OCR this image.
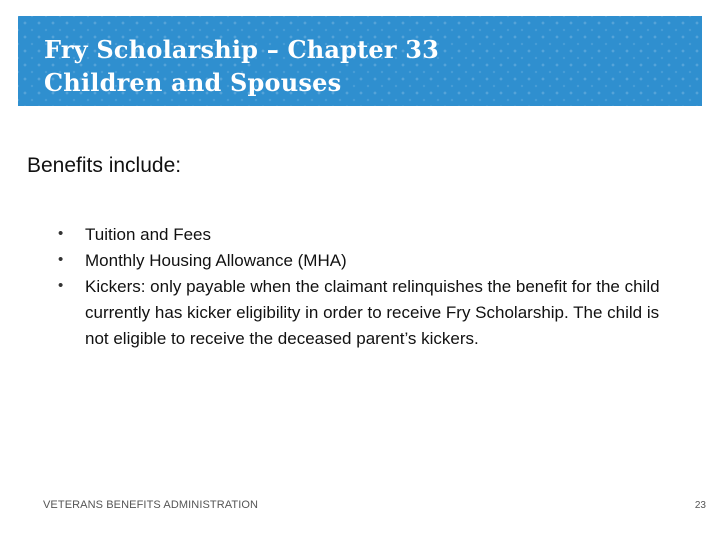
Fry Scholarship – Chapter 33
Children and Spouses

Benefits include:

• Tuition and Fees
• Monthly Housing Allowance (MHA)
• Kickers: only payable when the claimant relinquishes the benefit for the child currently has kicker eligibility in order to receive Fry Scholarship. The child is not eligible to receive the deceased parent’s kickers.
VETERANS BENEFITS ADMINISTRATION	23
